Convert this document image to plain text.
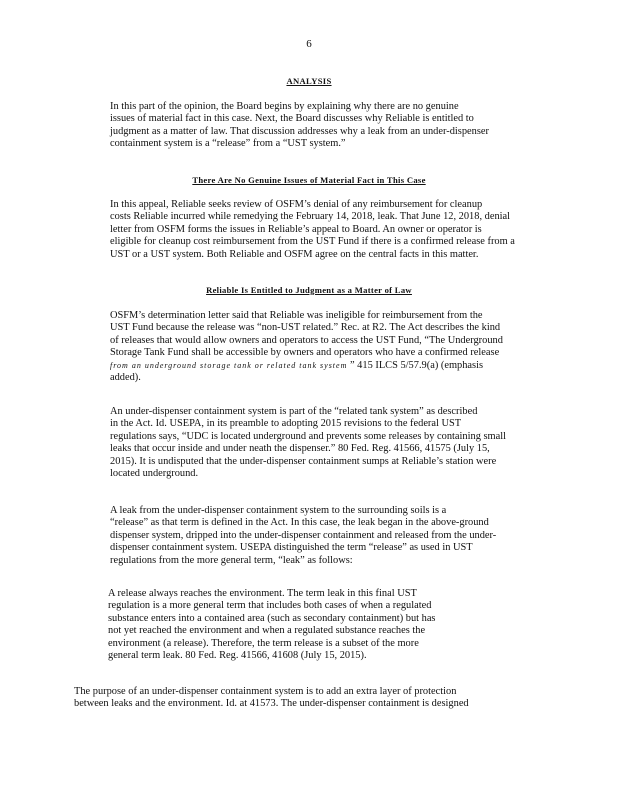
6
ANALYSIS
In this part of the opinion, the Board begins by explaining why there are no genuine
issues of material fact in this case. Next, the Board discusses why Reliable is entitled to
judgment as a matter of law. That discussion addresses why a leak from an under-dispenser
containment system is a “release” from a “UST system.”
There Are No Genuine Issues of Material Fact in This Case
In this appeal, Reliable seeks review of OSFM’s denial of any reimbursement for cleanup
costs Reliable incurred while remedying the February 14, 2018, leak. That June 12, 2018, denial
letter from OSFM forms the issues in Reliable’s appeal to Board. An owner or operator is
eligible for cleanup cost reimbursement from the UST Fund if there is a confirmed release from a
UST or a UST system. Both Reliable and OSFM agree on the central facts in this matter.
Reliable Is Entitled to Judgment as a Matter of Law
OSFM’s determination letter said that Reliable was ineligible for reimbursement from the
UST Fund because the release was “non-UST related.” Rec. at R2. The Act describes the kind
of releases that would allow owners and operators to access the UST Fund, “The Underground
Storage Tank Fund shall be accessible by owners and operators who have a confirmed release
from an underground storage tank or related tank system ” 415 ILCS 5/57.9(a) (emphasis
added).
An under-dispenser containment system is part of the “related tank system” as described
in the Act. Id. USEPA, in its preamble to adopting 2015 revisions to the federal UST
regulations says, “UDC is located underground and prevents some releases by containing small
leaks that occur inside and under neath the dispenser.” 80 Fed. Reg. 41566, 41575 (July 15,
2015). It is undisputed that the under-dispenser containment sumps at Reliable’s station were
located underground.
A leak from the under-dispenser containment system to the surrounding soils is a
“release” as that term is defined in the Act. In this case, the leak began in the above-ground
dispenser system, dripped into the under-dispenser containment and released from the under-
dispenser containment system. USEPA distinguished the term “release” as used in UST
regulations from the more general term, “leak” as follows:
A release always reaches the environment. The term leak in this final UST
regulation is a more general term that includes both cases of when a regulated
substance enters into a contained area (such as secondary containment) but has
not yet reached the environment and when a regulated substance reaches the
environment (a release). Therefore, the term release is a subset of the more
general term leak. 80 Fed. Reg. 41566, 41608 (July 15, 2015).
The purpose of an under-dispenser containment system is to add an extra layer of protection
between leaks and the environment. Id. at 41573. The under-dispenser containment is designed
